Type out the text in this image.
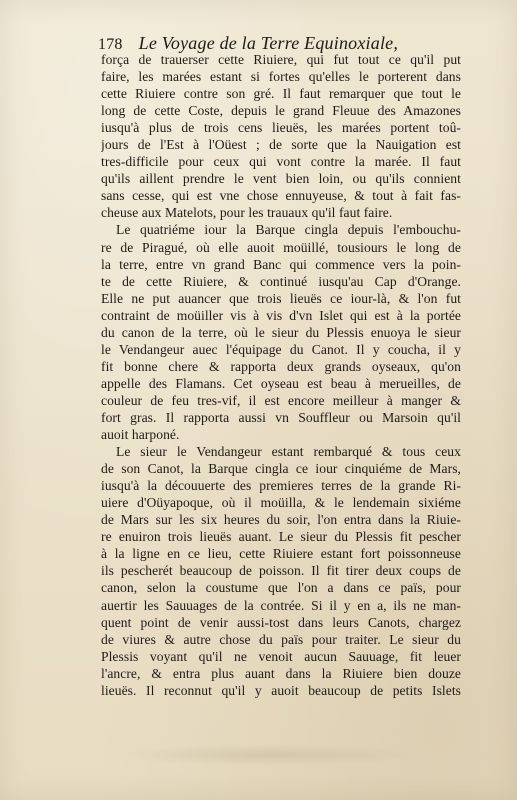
178 Le Voyage de la Terre Equinoxiale,
força de trauerser cette Riuiere, qui fut tout ce qu'il put
faire, les marées estant si fortes qu'elles le porterent dans
cette Riuiere contre son gré. Il faut remarquer que tout le
long de cette Coste, depuis le grand Fleuue des Amazones
iusqu'à plus de trois cens lieuës, les marées portent toû-
jours de l'Est à l'Oüest ; de sorte que la Nauigation est
tres-difficile pour ceux qui vont contre la marée. Il faut
qu'ils aillent prendre le vent bien loin, ou qu'ils connient
sans cesse, qui est vne chose ennuyeuse, & tout à fait fas-
cheuse aux Matelots, pour les trauaux qu'il faut faire.
Le quatriéme iour la Barque cingla depuis l'embouchu-
re de Piragué, où elle auoit moüillé, tousiours le long de
la terre, entre vn grand Banc qui commence vers la poin-
te de cette Riuiere, & continué iusqu'au Cap d'Orange.
Elle ne put auancer que trois lieuës ce iour-là, & l'on fut
contraint de moüiller vis à vis d'vn Islet qui est à la portée
du canon de la terre, où le sieur du Plessis enuoya le sieur
le Vendangeur auec l'équipage du Canot. Il y coucha, il y
fit bonne chere & rapporta deux grands oyseaux, qu'on
appelle des Flamans. Cet oyseau est beau à merueilles, de
couleur de feu tres-vif, il est encore meilleur à manger &
fort gras. Il rapporta aussi vn Souffleur ou Marsoin qu'il
auoit harponé.
Le sieur le Vendangeur estant rembarqué & tous ceux
de son Canot, la Barque cingla ce iour cinquiéme de Mars,
iusqu'à la découuerte des premieres terres de la grande Ri-
uiere d'Oüyapoque, où il moüilla, & le lendemain sixiéme
de Mars sur les six heures du soir, l'on entra dans la Riuie-
re enuiron trois lieuës auant. Le sieur du Plessis fit pescher
à la ligne en ce lieu, cette Riuiere estant fort poissonneuse
ils pescherét beaucoup de poisson. Il fit tirer deux coups de
canon, selon la coustume que l'on a dans ce païs, pour
auertir les Sauuages de la contrée. Si il y en a, ils ne man-
quent point de venir aussi-tost dans leurs Canots, chargez
de viures & autre chose du païs pour traiter. Le sieur du
Plessis voyant qu'il ne venoit aucun Sauuage, fit leuer
l'ancre, & entra plus auant dans la Riuiere bien douze
lieuës. Il reconnut qu'il y auoit beaucoup de petits Islets
